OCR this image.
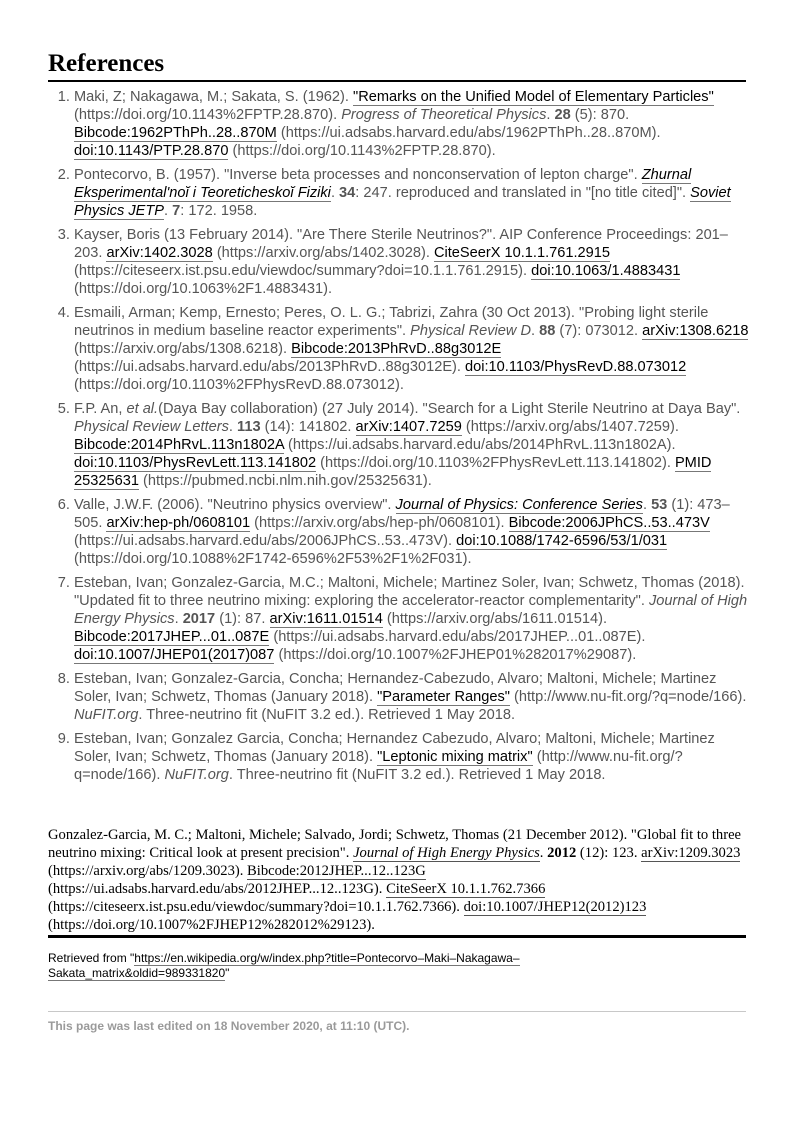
References
1. Maki, Z; Nakagawa, M.; Sakata, S. (1962). "Remarks on the Unified Model of Elementary Particles" (https://doi.org/10.1143%2FPTP.28.870). Progress of Theoretical Physics. 28 (5): 870. Bibcode:1962PThPh..28..870M (https://ui.adsabs.harvard.edu/abs/1962PThPh..28..870M). doi:10.1143/PTP.28.870 (https://doi.org/10.1143%2FPTP.28.870).
2. Pontecorvo, B. (1957). "Inverse beta processes and nonconservation of lepton charge". Zhurnal Eksperimental'noĭ i Teoreticheskoĭ Fiziki. 34: 247. reproduced and translated in "[no title cited]". Soviet Physics JETP. 7: 172. 1958.
3. Kayser, Boris (13 February 2014). "Are There Sterile Neutrinos?". AIP Conference Proceedings: 201–203. arXiv:1402.3028 (https://arxiv.org/abs/1402.3028). CiteSeerX 10.1.1.761.2915 (https://citeseerx.ist.psu.edu/viewdoc/summary?doi=10.1.1.761.2915). doi:10.1063/1.4883431 (https://doi.org/10.1063%2F1.4883431).
4. Esmaili, Arman; Kemp, Ernesto; Peres, O. L. G.; Tabrizi, Zahra (30 Oct 2013). "Probing light sterile neutrinos in medium baseline reactor experiments". Physical Review D. 88 (7): 073012. arXiv:1308.6218 (https://arxiv.org/abs/1308.6218). Bibcode:2013PhRvD..88g3012E (https://ui.adsabs.harvard.edu/abs/2013PhRvD..88g3012E). doi:10.1103/PhysRevD.88.073012 (https://doi.org/10.1103%2FPhysRevD.88.073012).
5. F.P. An, et al.(Daya Bay collaboration) (27 July 2014). "Search for a Light Sterile Neutrino at Daya Bay". Physical Review Letters. 113 (14): 141802. arXiv:1407.7259 (https://arxiv.org/abs/1407.7259). Bibcode:2014PhRvL.113n1802A (https://ui.adsabs.harvard.edu/abs/2014PhRvL.113n1802A). doi:10.1103/PhysRevLett.113.141802 (https://doi.org/10.1103%2FPhysRevLett.113.141802). PMID 25325631 (https://pubmed.ncbi.nlm.nih.gov/25325631).
6. Valle, J.W.F. (2006). "Neutrino physics overview". Journal of Physics: Conference Series. 53 (1): 473–505. arXiv:hep-ph/0608101 (https://arxiv.org/abs/hep-ph/0608101). Bibcode:2006JPhCS..53..473V (https://ui.adsabs.harvard.edu/abs/2006JPhCS..53..473V). doi:10.1088/1742-6596/53/1/031 (https://doi.org/10.1088%2F1742-6596%2F53%2F1%2F031).
7. Esteban, Ivan; Gonzalez-Garcia, M.C.; Maltoni, Michele; Martinez Soler, Ivan; Schwetz, Thomas (2018). "Updated fit to three neutrino mixing: exploring the accelerator-reactor complementarity". Journal of High Energy Physics. 2017 (1): 87. arXiv:1611.01514 (https://arxiv.org/abs/1611.01514). Bibcode:2017JHEP...01..087E (https://ui.adsabs.harvard.edu/abs/2017JHEP...01..087E). doi:10.1007/JHEP01(2017)087 (https://doi.org/10.1007%2FJHEP01%282017%29087).
8. Esteban, Ivan; Gonzalez-Garcia, Concha; Hernandez-Cabezudo, Alvaro; Maltoni, Michele; Martinez Soler, Ivan; Schwetz, Thomas (January 2018). "Parameter Ranges" (http://www.nu-fit.org/?q=node/166). NuFIT.org. Three-neutrino fit (NuFIT 3.2 ed.). Retrieved 1 May 2018.
9. Esteban, Ivan; Gonzalez Garcia, Concha; Hernandez Cabezudo, Alvaro; Maltoni, Michele; Martinez Soler, Ivan; Schwetz, Thomas (January 2018). "Leptonic mixing matrix" (http://www.nu-fit.org/?q=node/166). NuFIT.org. Three-neutrino fit (NuFIT 3.2 ed.). Retrieved 1 May 2018.
Gonzalez-Garcia, M. C.; Maltoni, Michele; Salvado, Jordi; Schwetz, Thomas (21 December 2012). "Global fit to three neutrino mixing: Critical look at present precision". Journal of High Energy Physics. 2012 (12): 123. arXiv:1209.3023 (https://arxiv.org/abs/1209.3023). Bibcode:2012JHEP...12..123G (https://ui.adsabs.harvard.edu/abs/2012JHEP...12..123G). CiteSeerX 10.1.1.762.7366 (https://citeseerx.ist.psu.edu/viewdoc/summary?doi=10.1.1.762.7366). doi:10.1007/JHEP12(2012)123 (https://doi.org/10.1007%2FJHEP12%282012%29123).
Retrieved from "https://en.wikipedia.org/w/index.php?title=Pontecorvo–Maki–Nakagawa–Sakata_matrix&oldid=989331820"
This page was last edited on 18 November 2020, at 11:10 (UTC).
